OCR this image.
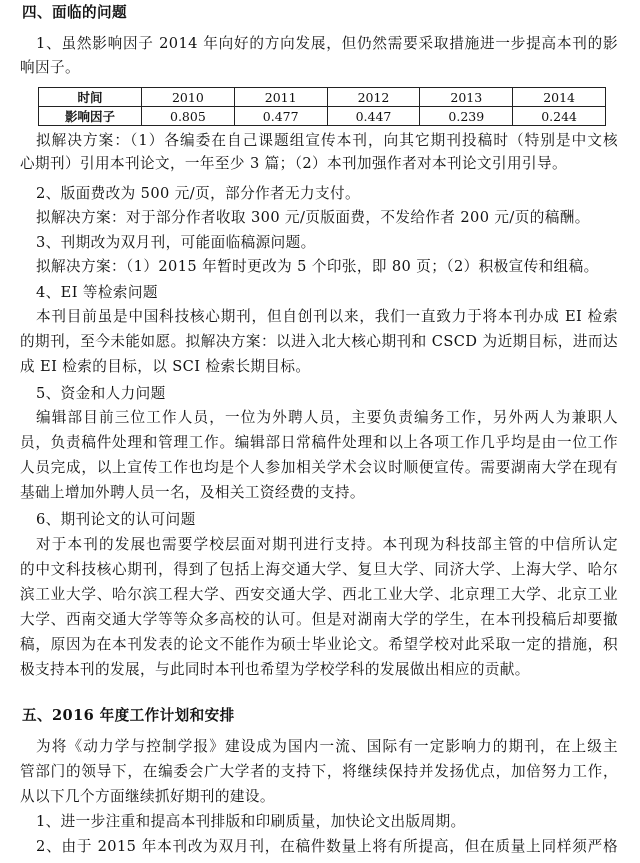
四、面临的问题

1、虽然影响因子 2014 年向好的方向发展，但仍然需要采取措施进一步提高本刊的影

响因子。

时间	2010	2011	2012	2013	2014
影响因子	0.805	0.477	0.447	0.239	0.244

拟解决方案：（1）各编委在自己课题组宣传本刊，向其它期刊投稿时（特别是中文核

心期刊）引用本刊论文，一年至少 3 篇；（2）本刊加强作者对本刊论文引用引导。

2、版面费改为 500 元/页，部分作者无力支付。

拟解决方案：对于部分作者收取 300 元/页版面费，不发给作者 200 元/页的稿酬。

3、刊期改为双月刊，可能面临稿源问题。

拟解决方案：（1）2015 年暂时更改为 5 个印张，即 80 页；（2）积极宣传和组稿。

4、EI 等检索问题

本刊目前虽是中国科技核心期刊，但自创刊以来，我们一直致力于将本刊办成 EI 检索

的期刊，至今未能如愿。拟解决方案：以进入北大核心期刊和 CSCD 为近期目标，进而达

成 EI 检索的目标，以 SCI 检索长期目标。

5、资金和人力问题

编辑部目前三位工作人员，一位为外聘人员，主要负责编务工作，另外两人为兼职人

员，负责稿件处理和管理工作。编辑部日常稿件处理和以上各项工作几乎均是由一位工作

人员完成，以上宣传工作也均是个人参加相关学术会议时顺便宣传。需要湖南大学在现有

基础上增加外聘人员一名，及相关工资经费的支持。

6、期刊论文的认可问题

对于本刊的发展也需要学校层面对期刊进行支持。本刊现为科技部主管的中信所认定

的中文科技核心期刊，得到了包括上海交通大学、复旦大学、同济大学、上海大学、哈尔

滨工业大学、哈尔滨工程大学、西安交通大学、西北工业大学、北京理工大学、北京工业

大学、西南交通大学等等众多高校的认可。但是对湖南大学的学生，在本刊投稿后却要撤

稿，原因为在本刊发表的论文不能作为硕士毕业论文。希望学校对此采取一定的措施，积

极支持本刊的发展，与此同时本刊也希望为学校学科的发展做出相应的贡献。

五、2016 年度工作计划和安排

为将《动力学与控制学报》建设成为国内一流、国际有一定影响力的期刊，在上级主

管部门的领导下，在编委会广大学者的支持下，将继续保持并发扬优点，加倍努力工作，

从以下几个方面继续抓好期刊的建设。

1、进一步注重和提高本刊排版和印刷质量，加快论文出版周期。

2、由于 2015 年本刊改为双月刊，在稿件数量上将有所提高，但在质量上同样须严格
